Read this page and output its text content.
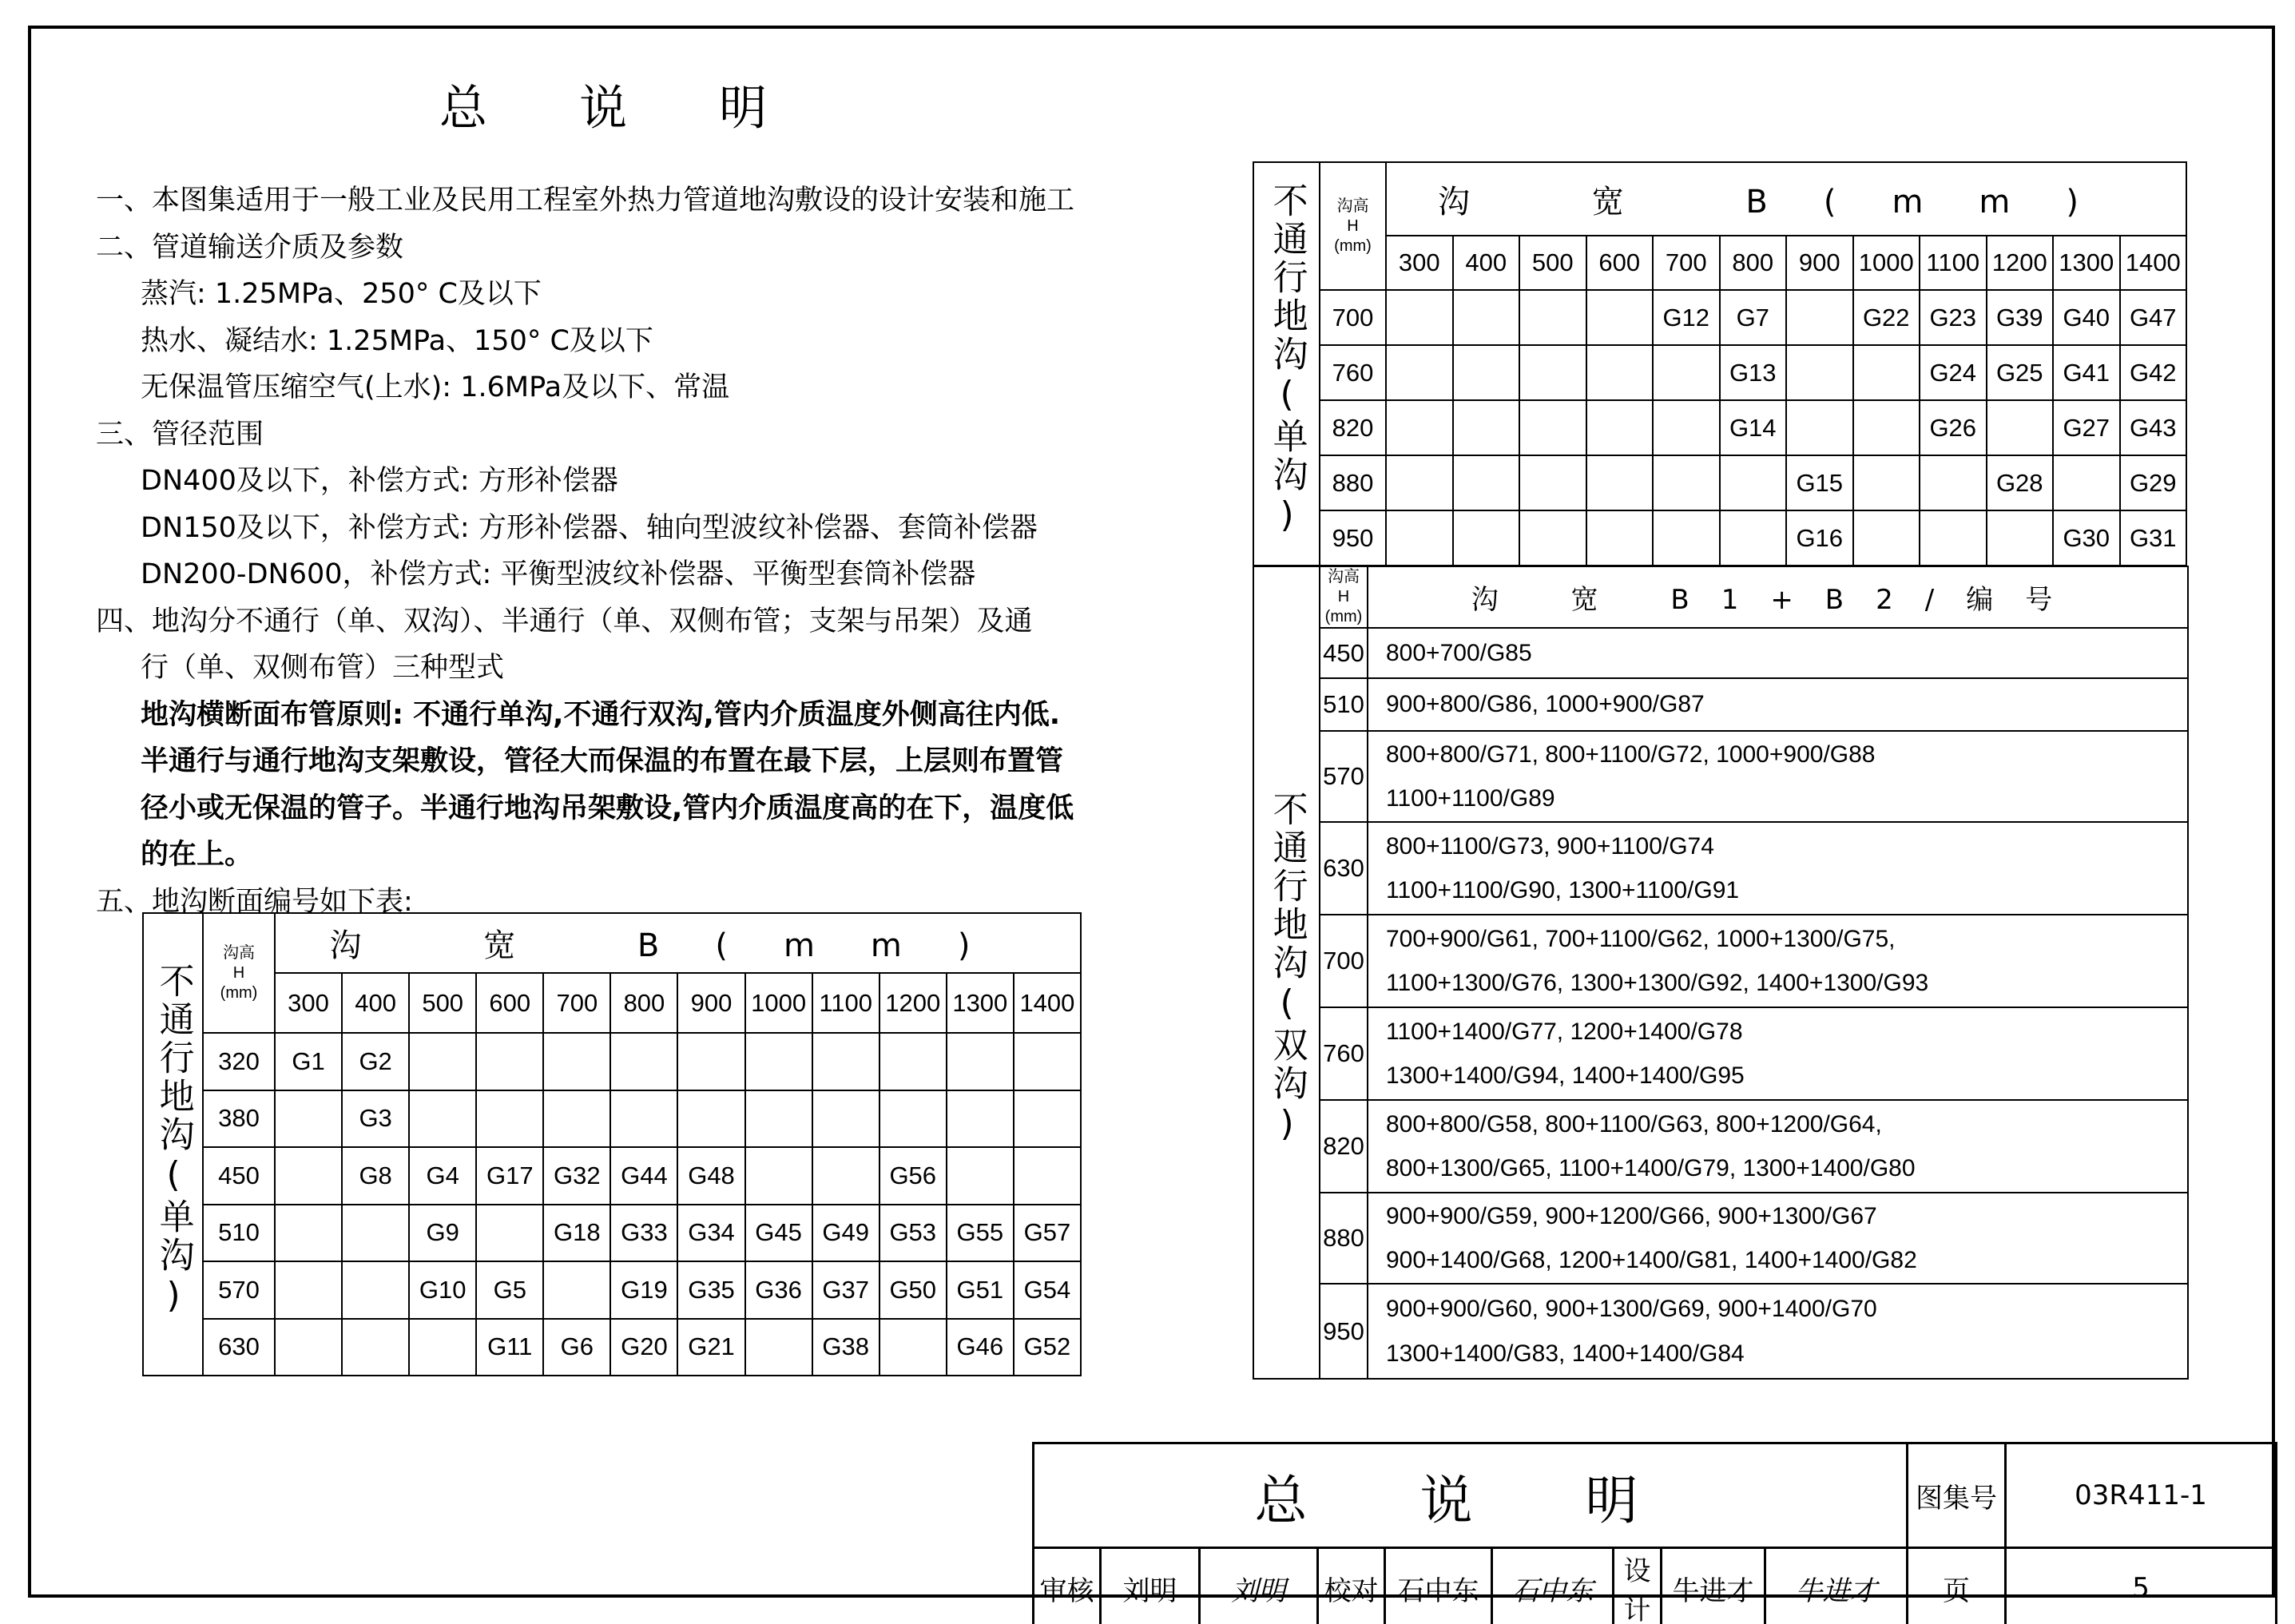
总 说 明
一、本图集适用于一般工业及民用工程室外热力管道地沟敷设的设计安装和施工
二、管道输送介质及参数
蒸汽: 1.25MPa、250° C及以下
热水、凝结水: 1.25MPa、150° C及以下
无保温管压缩空气(上水): 1.6MPa及以下、常温
三、管径范围
DN400及以下，补偿方式: 方形补偿器
DN150及以下，补偿方式: 方形补偿器、轴向型波纹补偿器、套筒补偿器
DN200-DN600，补偿方式: 平衡型波纹补偿器、平衡型套筒补偿器
四、地沟分不通行（单、双沟）、半通行（单、双侧布管；支架与吊架）及通
行（单、双侧布管）三种型式
地沟横断面布管原则: 不通行单沟,不通行双沟,管内介质温度外侧高往内低.
半通行与通行地沟支架敷设，管径大而保温的布置在最下层，上层则布置管
径小或无保温的管子。半通行地沟吊架敷设,管内介质温度高的在下，温度低
的在上。
五、地沟断面编号如下表:
不通行地沟(单沟)	沟高
H
(mm)	沟 宽 B(mm)											
		300	400	500	600	700	800	900	1000	1100	1200	1300	1400
	320	G1	G2										
	380		G3										
	450		G8	G4	G17	G32	G44	G48			G56		
	510			G9		G18	G33	G34	G45	G49	G53	G55	G57
	570			G10	G5		G19	G35	G36	G37	G50	G51	G54
	630				G11	G6	G20	G21		G38		G46	G52
不通行地沟(单沟)	沟高
H
(mm)	沟 宽 B(mm)											
		300	400	500	600	700	800	900	1000	1100	1200	1300	1400
	700					G12	G7		G22	G23	G39	G40	G47
	760						G13			G24	G25	G41	G42
	820						G14			G26		G27	G43
	880							G15			G28		G29
	950							G16				G30	G31
不通行地沟(双沟)	沟高 H (mm)	沟 宽 B1+B2/编号
	450	800+700/G85
	510	900+800/G86, 1000+900/G87
	570	800+800/G71, 800+1100/G72, 1000+900/G88
1100+1100/G89
	630	800+1100/G73, 900+1100/G74
1100+1100/G90, 1300+1100/G91
	700	700+900/G61, 700+1100/G62, 1000+1300/G75,
1100+1300/G76, 1300+1300/G92, 1400+1300/G93
	760	1100+1400/G77, 1200+1400/G78
1300+1400/G94, 1400+1400/G95
	820	800+800/G58, 800+1100/G63, 800+1200/G64,
800+1300/G65, 1100+1400/G79, 1300+1400/G80
	880	900+900/G59, 900+1200/G66, 900+1300/G67
900+1400/G68, 1200+1400/G81, 1400+1400/G82
	950	900+900/G60, 900+1300/G69, 900+1400/G70
1300+1400/G83, 1400+1400/G84
总 说 明									图集号	03R411-1
审核	刘明	刘明	校对	石中东	石中东	设计	牛进才	牛进才	页	5
